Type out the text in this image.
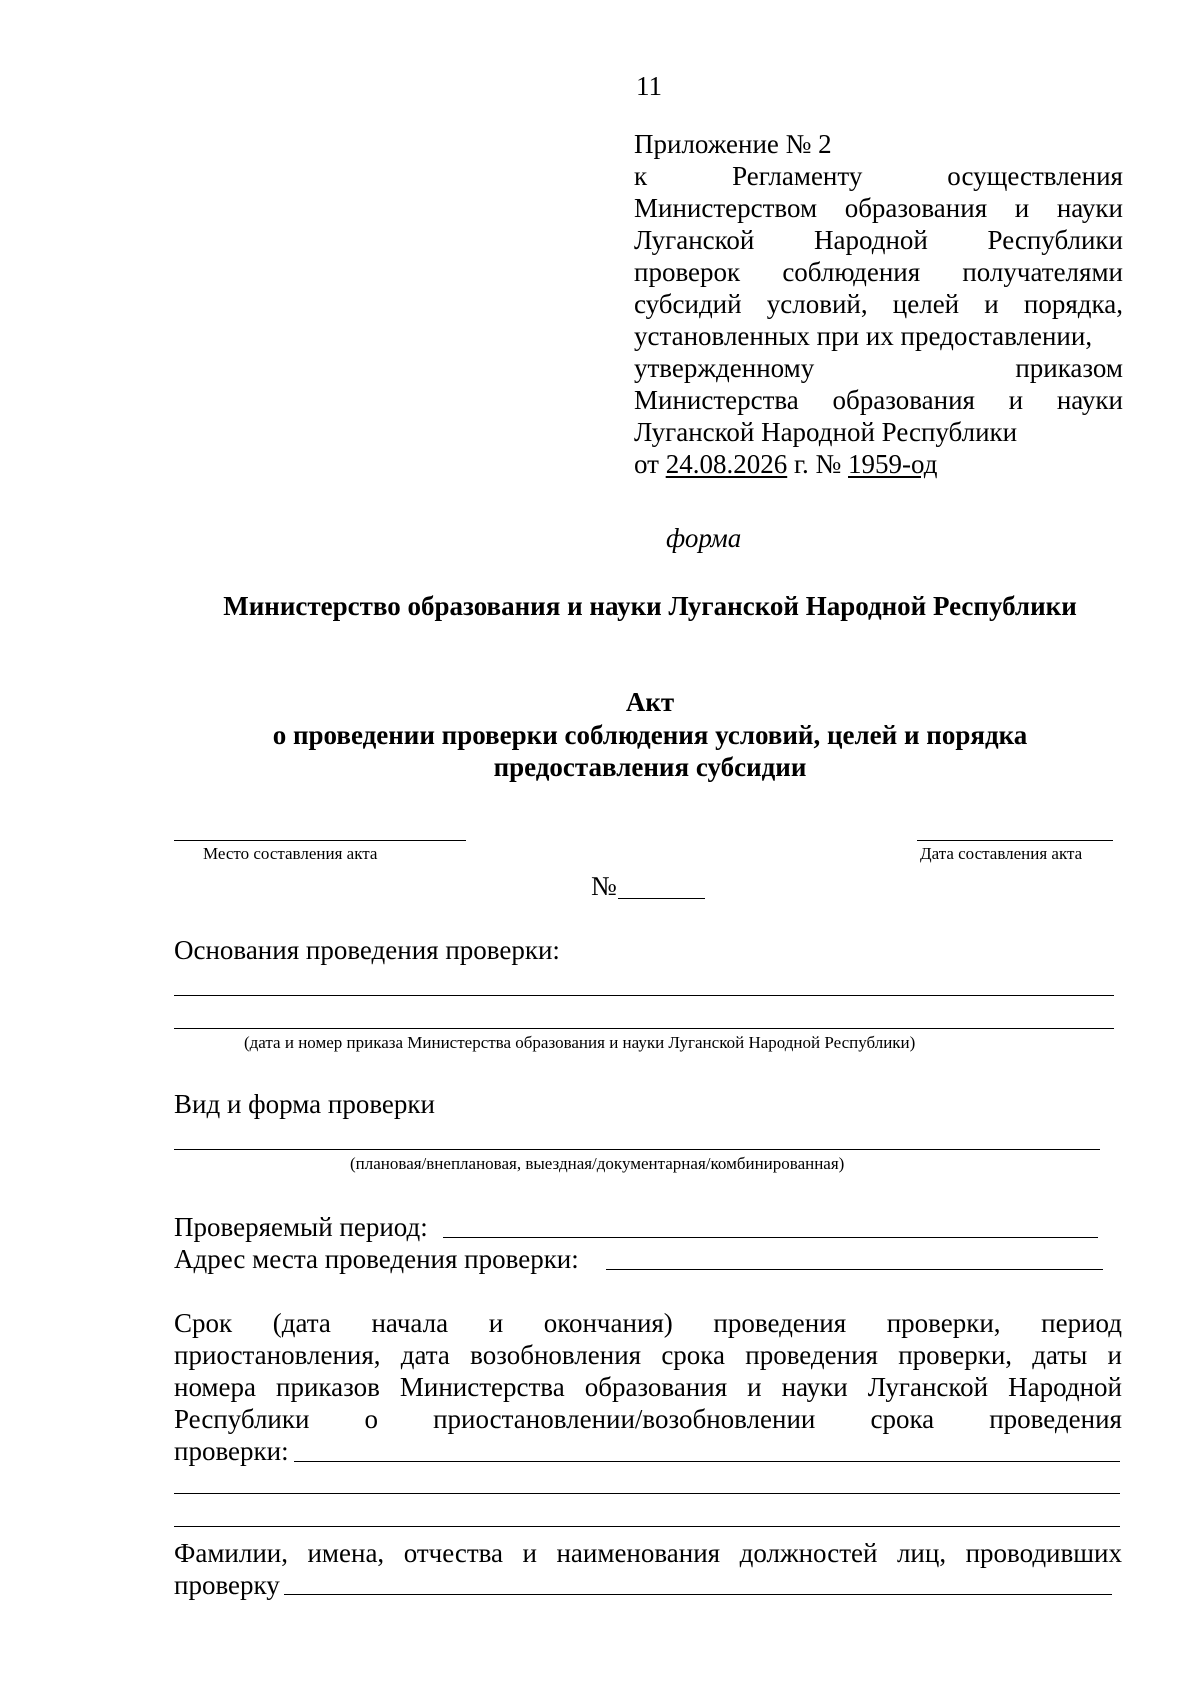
11
Приложение № 2
к	Регламенту	осуществления
Министерством образования и науки
Луганской Народной Республики
проверок соблюдения получателями
субсидий условий, целей и порядка,
установленных при их предоставлении,
утвержденному	приказом
Министерства образования и науки
Луганской Народной Республики
от 24.08.2026 г. № 1959-од
форма
Министерство образования и науки Луганской Народной Республики
Акт
о проведении проверки соблюдения условий, целей и порядка
предоставления субсидии
Место составления акта	Дата составления акта
№
Основания проведения проверки:
(дата и номер приказа Министерства образования и науки Луганской Народной Республики)
Вид и форма проверки
(плановая/внеплановая, выездная/документарная/комбинированная)
Проверяемый период:
Адрес места проведения проверки:
Срок (дата начала и окончания) проведения проверки, период
приостановления, дата возобновления срока проведения проверки, даты и
номера приказов Министерства образования и науки Луганской Народной
Республики о приостановлении/возобновлении срока проведения
проверки:
Фамилии, имена, отчества и наименования должностей лиц, проводивших
проверку
